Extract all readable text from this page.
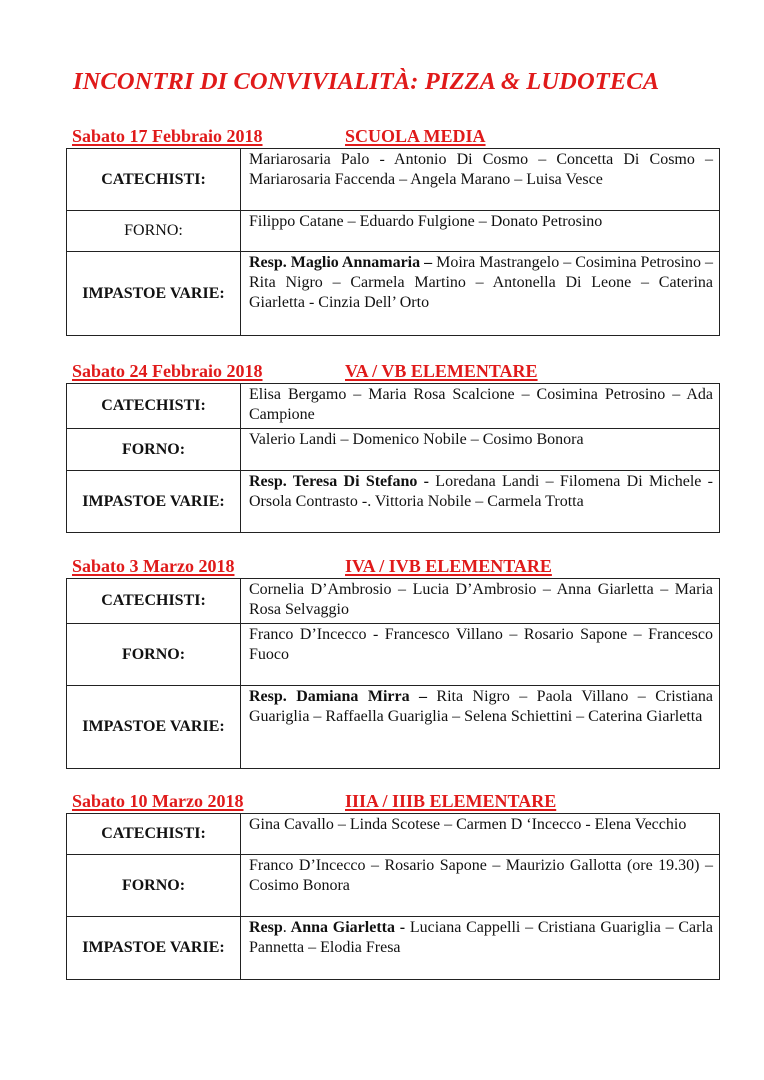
INCONTRI DI CONVIVIALITÀ: PIZZA & LUDOTECA
Sabato 17 Febbraio 2018	SCUOLA MEDIA
CATECHISTI:	Mariarosaria Palo - Antonio Di Cosmo – Concetta Di Cosmo – Mariarosaria Faccenda – Angela Marano – Luisa Vesce
FORNO:	Filippo Catane – Eduardo Fulgione – Donato Petrosino
IMPASTOE VARIE:	Resp. Maglio Annamaria – Moira Mastrangelo – Cosimina Petrosino – Rita Nigro – Carmela Martino – Antonella Di Leone – Caterina Giarletta - Cinzia Dell’ Orto
Sabato 24 Febbraio 2018	VA / VB ELEMENTARE
CATECHISTI:	Elisa Bergamo – Maria Rosa Scalcione – Cosimina Petrosino – Ada Campione
FORNO:	Valerio Landi – Domenico Nobile – Cosimo Bonora
IMPASTOE VARIE:	Resp. Teresa Di Stefano - Loredana Landi – Filomena Di Michele - Orsola Contrasto -. Vittoria Nobile – Carmela Trotta
Sabato 3 Marzo 2018	IVA / IVB ELEMENTARE
CATECHISTI:	Cornelia D’Ambrosio – Lucia D’Ambrosio – Anna Giarletta – Maria Rosa Selvaggio
FORNO:	Franco D’Incecco - Francesco Villano – Rosario Sapone – Francesco Fuoco
IMPASTOE VARIE:	Resp. Damiana Mirra – Rita Nigro – Paola Villano – Cristiana Guariglia – Raffaella Guariglia – Selena Schiettini – Caterina Giarletta
Sabato 10 Marzo 2018	IIIA / IIIB ELEMENTARE
CATECHISTI:	Gina Cavallo – Linda Scotese – Carmen D ‘Incecco - Elena Vecchio
FORNO:	Franco D’Incecco – Rosario Sapone – Maurizio Gallotta (ore 19.30) – Cosimo Bonora
IMPASTOE VARIE:	Resp. Anna Giarletta - Luciana Cappelli – Cristiana Guariglia – Carla Pannetta – Elodia Fresa
